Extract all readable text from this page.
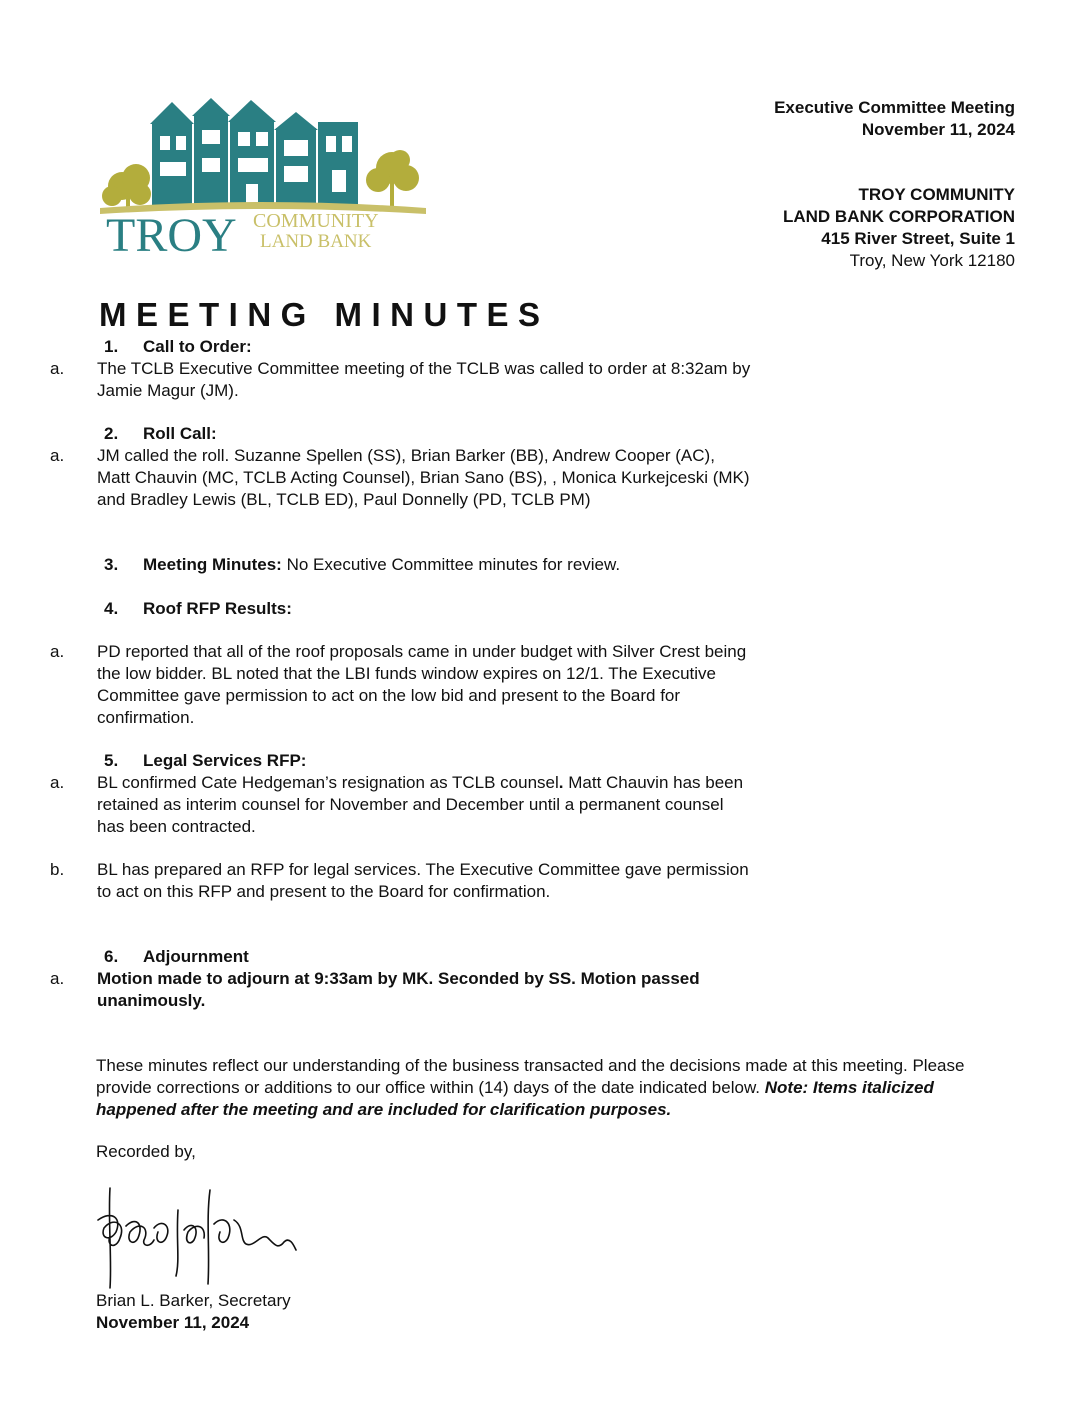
TROY COMMUNITY
LAND BANK
Executive Committee Meeting
November 11, 2024
TROY COMMUNITY
LAND BANK CORPORATION
415 River Street, Suite 1
Troy, New York 12180
MEETING MINUTES
1. Call to Order:
a. The TCLB Executive Committee meeting of the TCLB was called to order at 8:32am by Jamie Magur (JM).
2. Roll Call:
a. JM called the roll. Suzanne Spellen (SS), Brian Barker (BB), Andrew Cooper (AC), Matt Chauvin (MC, TCLB Acting Counsel), Brian Sano (BS), , Monica Kurkejceski (MK) and Bradley Lewis (BL, TCLB ED), Paul Donnelly (PD, TCLB PM)
3. Meeting Minutes: No Executive Committee minutes for review.
4. Roof RFP Results:
a. PD reported that all of the roof proposals came in under budget with Silver Crest being the low bidder. BL noted that the LBI funds window expires on 12/1. The Executive Committee gave permission to act on the low bid and present to the Board for confirmation.
5. Legal Services RFP:
a. BL confirmed Cate Hedgeman’s resignation as TCLB counsel. Matt Chauvin has been retained as interim counsel for November and December until a permanent counsel has been contracted.
b. BL has prepared an RFP for legal services. The Executive Committee gave permission to act on this RFP and present to the Board for confirmation.
6. Adjournment
a. Motion made to adjourn at 9:33am by MK. Seconded by SS. Motion passed unanimously.
These minutes reflect our understanding of the business transacted and the decisions made at this meeting. Please provide corrections or additions to our office within (14) days of the date indicated below. Note: Items italicized happened after the meeting and are included for clarification purposes.
Recorded by,
Brian L. Barker, Secretary
November 11, 2024
